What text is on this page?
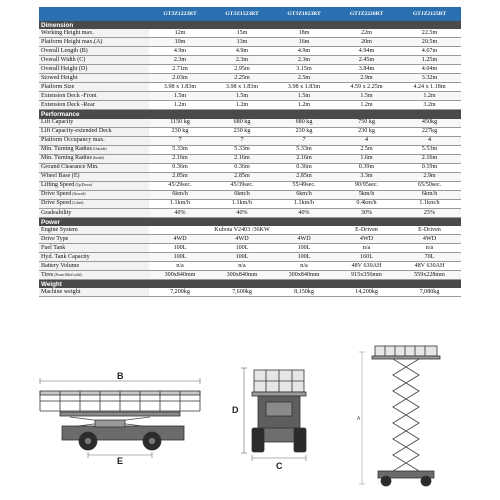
	GTJZ1223RT	GTJZ1523RT	GTJZ1823RT	GTJZ2226RT	GTJZ2125RT
Dimension					
Working Height max.	12m	15m	18m	22m	22.5m
Platform Height max.(A)	10m	13m	16m	20m	20.5m
Overall Length (B)	4.9m	4.9m	4.9m	4.94m	4.67m
Overall Width (C)	2.3m	2.3m	2.3m	2.45m	1.25m
Overall Height (D)	2.71m	2.95m	3.15m	3.84m	4.04m
Stowed Height	2.03m	2.25m	2.5m	2.9m	3.32m
Platform Size	3.98 x 1.83m	3.98 x 1.83m	3.98 x 1.83m	4.59 x 2.25m	4.24 x 1.18m
Extension Deck -Front	1.5m	1.5m	1.5m	1.5m	1.2m
Extension Deck -Rear	1.2m	1.2m	1.2m	1.2m	3.2m
Performance					
Lift Capacity	1150 kg	680 kg	680 kg	750 kg	450kg
Lift Capacity-extended Deck	230 kg	230 kg	230 kg	230 kg	227kg
Platform Occupancy max.	7	7	7	4	4
Min. Turning Radius(Outside)	5.33m	5.33m	5.33m	2.5m	5.53m
Min. Turning Radius(Inside)	2.16m	2.16m	2.16m	1.6m	2.16m
Ground Clearance Min.	0.36m	0.36m	0.36m	0.39m	0.19m
Wheel Base (E)	2.85m	2.85m	2.85m	3.3m	2.9m
Lifting Speed(Up/Down)	45/29sec.	45/39sec.	55/49sec.	90/95sec.	65/50sec.
Drive Speed(Stowed)	6km/h	6km/h	6km/h	5km/h	6km/h
Drive Speed(Lifted)	1.1km/h	1.1km/h	1.1km/h	0.4km/h	1.1km/h
Gradeability	40%	40%	40%	30%	25%
Power					
Engine System	Kubota V2403 /36KW			E-Driven	E-Driven
Drive Type	4WD	4WD	4WD	4WD	4WD
Fuel Tank	100L	100L	100L	n/a	n/a
Hyd. Tank Capacity	100L	100L	100L	160L	70L
Battery Volume	n/a	n/a	n/a	48V 630AH	48V 630AH
Tires(Foam-filled solid)	300x840mm	300x840mm	300x840mm	915x356mm	559x228mm
Weight					
Machine weight	7,200kg	7,600kg	8,150kg	14,200kg	7,080kg
B
E
D
C
A
